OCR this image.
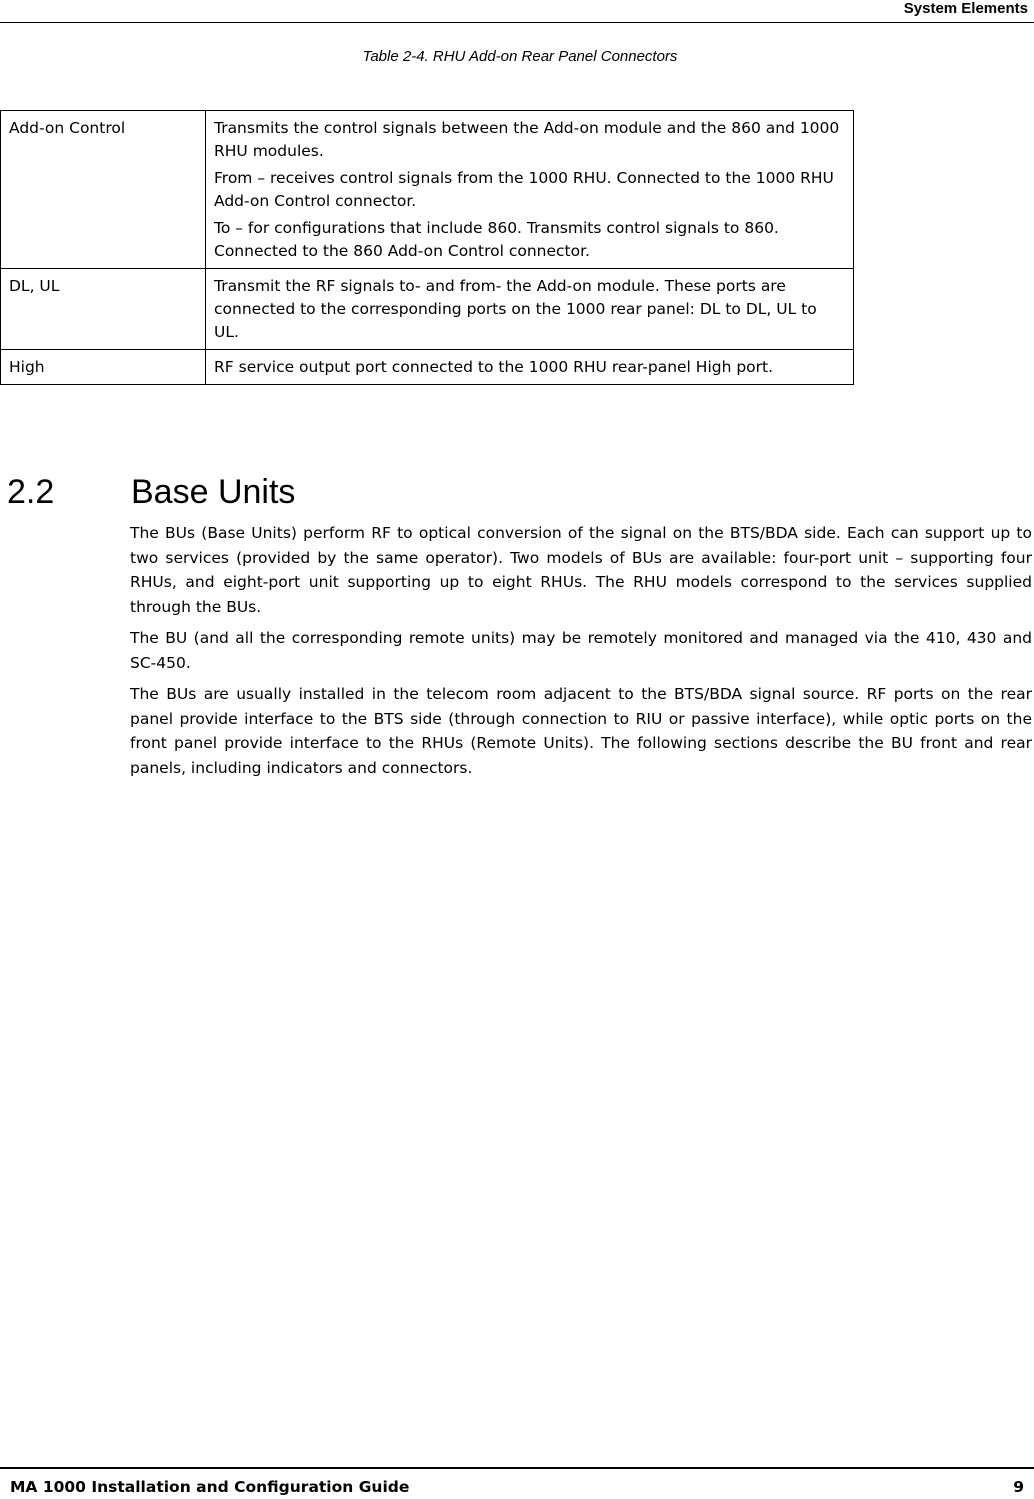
System Elements
Table 2-4. RHU Add-on Rear Panel Connectors
Add-on Control	Transmits the control signals between the Add-on module and the 860 and 1000 RHU modules.

From – receives control signals from the 1000 RHU. Connected to the 1000 RHU Add-on Control connector.

To – for configurations that include 860. Transmits control signals to 860. Connected to the 860 Add-on Control connector.

DL, UL	Transmit the RF signals to- and from- the Add-on module. These ports are connected to the corresponding ports on the 1000 rear panel: DL to DL, UL to UL.

High	RF service output port connected to the 1000 RHU rear-panel High port.

2.2 Base Units

The BUs (Base Units) perform RF to optical conversion of the signal on the BTS/BDA side. Each can support up to two services (provided by the same operator). Two models of BUs are available: four-port unit – supporting four RHUs, and eight-port unit supporting up to eight RHUs. The RHU models correspond to the services supplied through the BUs.

The BU (and all the corresponding remote units) may be remotely monitored and managed via the 410, 430 and SC-450.

The BUs are usually installed in the telecom room adjacent to the BTS/BDA signal source. RF ports on the rear panel provide interface to the BTS side (through connection to RIU or passive interface), while optic ports on the front panel provide interface to the RHUs (Remote Units). The following sections describe the BU front and rear panels, including indicators and connectors.

MA 1000 Installation and Configuration Guide	9
